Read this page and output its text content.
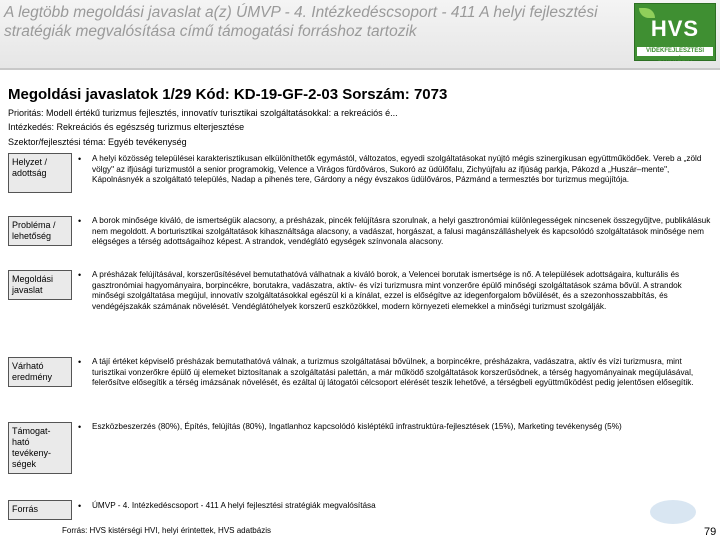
A legtöbb megoldási javaslat a(z) ÚMVP - 4. Intézkedéscsoport - 411 A helyi fejlesztési stratégiák megvalósítása című támogatási forráshoz tartozik	HVS
VIDÉKFEJLESZTÉSI STRATÉGIA
Megoldási javaslatok 1/29 Kód: KD-19-GF-2-03 Sorszám: 7073
Prioritás: Modell értékű turizmus fejlesztés, innovatív turisztikai szolgáltatásokkal: a rekreációs é...
Intézkedés: Rekreációs és egészség turizmus elterjesztése
Szektor/fejlesztési téma: Egyéb tevékenység
Helyzet / adottság
• A helyi közösség települései karakterisztikusan elkülöníthetők egymástól, változatos, egyedi szolgáltatásokat nyújtó mégis szinergikusan együttműködőek. Vereb a „zöld völgy" az ifjúsági turizmustól a senior programokig, Velence a Virágos fürdőváros, Sukoró az üdülőfalu, Zichyújfalu az ifjúság parkja, Pákozd a „Huszár–mente", Kápolnásnyék a szolgáltató település, Nadap a pihenés tere, Gárdony a négy évszakos üdülőváros, Pázmánd a termesztés bor turizmus megújítója.
Probléma / lehetőség
• A borok minősége kiváló, de ismertségük alacsony, a présházak, pincék felújításra szorulnak, a helyi gasztronómiai különlegességek nincsenek összegyűjtve, publikálásuk nem megoldott. A borturisztikai szolgáltatások kihasználtsága alacsony, a vadászat, horgászat, a falusi magánszálláshelyek és kapcsolódó szolgáltatások minősége nem elégséges a térség adottságaihoz képest. A strandok, vendéglátó egységek színvonala alacsony.
Megoldási javaslat
• A présházak felújításával, korszerűsítésével bemutathatóvá válhatnak a kiváló borok, a Velencei borutak ismertsége is nő. A települések adottságaira, kulturális és gasztronómiai hagyományaira, borpincékre, borutakra, vadászatra, aktív- és vízi turizmusra mint vonzerőre épülő minőségi szolgáltatások száma bővül. A strandok minőségi szolgáltatása megújul, innovatív szolgáltatásokkal egészül ki a kínálat, ezzel is előségítve az idegenforgalom bővülését, és a szezonhosszabbítás, és vendégéjszakák számának növelését. Vendéglátóhelyek korszerű eszközökkel, modern környezeti elemekkel a minőségi turizmust szolgálják.
Várható eredmény
• A tájí értéket képviselő présházak bemutathatóvá válnak, a turizmus szolgáltatásai bővülnek, a borpincékre, présházakra, vadászatra, aktív és vízi turizmusra, mint turisztikai vonzerőkre épülő új elemeket biztosítanak a szolgáltatási palettán, a már működő szolgáltatások korszerűsödnek, a térség hagyományainak megújulásával, felerősítve elősegítik a térség imázsának növelését, és ezáltal új látogatói célcsoport elérését teszik lehetővé, a térségbeli együttműködést pedig jelentősen elősegítik.
Támogat-ható tevékeny-ségek
• Eszközbeszerzés (80%), Építés, felújítás (80%), Ingatlanhoz kapcsolódó kisléptékű infrastruktúra-fejlesztések (15%), Marketing tevékenység (5%)
Forrás	• ÚMVP - 4. Intézkedéscsoport - 411 A helyi fejlesztési stratégiák megvalósítása
Forrás: HVS kistérségi HVI, helyi érintettek, HVS adatbázis	79
